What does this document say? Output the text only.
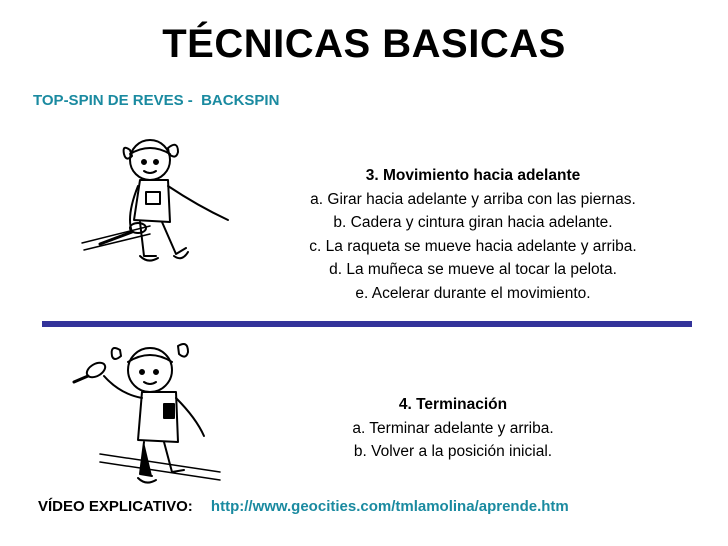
TÉCNICAS BASICAS
TOP-SPIN DE REVES -  BACKSPIN
3. Movimiento hacia adelante
a. Girar hacia adelante y arriba con las piernas.
b. Cadera y cintura giran hacia adelante.
c. La raqueta se mueve hacia adelante y arriba.
d. La muñeca se mueve al tocar la pelota.
e. Acelerar durante el movimiento.
4. Terminación
a. Terminar adelante y arriba.
b. Volver a la posición inicial.
VÍDEO EXPLICATIVO: http://www.geocities.com/tmlamolina/aprende.htm
